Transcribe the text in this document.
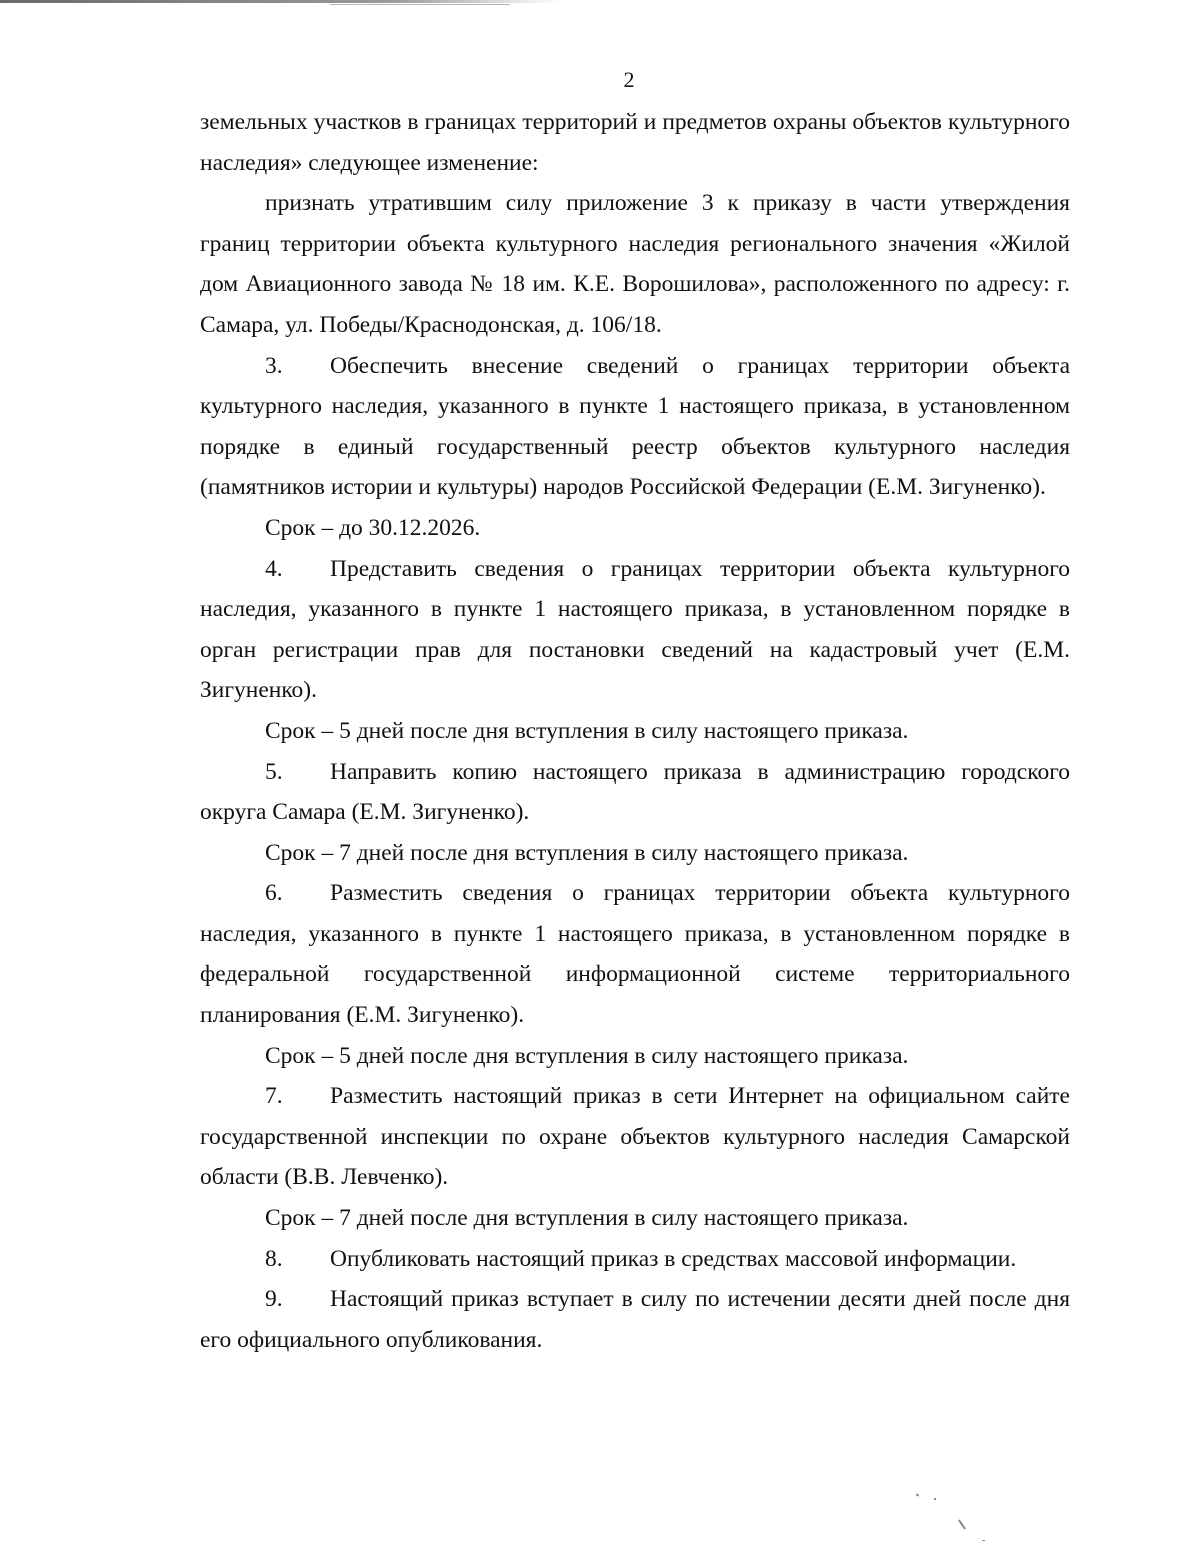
2

земельных участков в границах территорий и предметов охраны объектов культурного наследия» следующее изменение:

признать утратившим силу приложение 3 к приказу в части утверждения границ территории объекта культурного наследия регионального значения «Жилой дом Авиационного завода № 18 им. К.Е. Ворошилова», расположенного по адресу: г. Самара, ул. Победы/Краснодонская, д. 106/18.

3. Обеспечить внесение сведений о границах территории объекта культурного наследия, указанного в пункте 1 настоящего приказа, в установленном порядке в единый государственный реестр объектов культурного наследия (памятников истории и культуры) народов Российской Федерации (Е.М. Зигуненко).

Срок – до 30.12.2026.

4. Представить сведения о границах территории объекта культурного наследия, указанного в пункте 1 настоящего приказа, в установленном порядке в орган регистрации прав для постановки сведений на кадастровый учет (Е.М. Зигуненко).

Срок – 5 дней после дня вступления в силу настоящего приказа.

5. Направить копию настоящего приказа в администрацию городского округа Самара (Е.М. Зигуненко).

Срок – 7 дней после дня вступления в силу настоящего приказа.

6. Разместить сведения о границах территории объекта культурного наследия, указанного в пункте 1 настоящего приказа, в установленном порядке в федеральной государственной информационной системе территориального планирования (Е.М. Зигуненко).

Срок – 5 дней после дня вступления в силу настоящего приказа.

7. Разместить настоящий приказ в сети Интернет на официальном сайте государственной инспекции по охране объектов культурного наследия Самарской области (В.В. Левченко).

Срок – 7 дней после дня вступления в силу настоящего приказа.

8. Опубликовать настоящий приказ в средствах массовой информации.

9. Настоящий приказ вступает в силу по истечении десяти дней после дня его официального опубликования.
